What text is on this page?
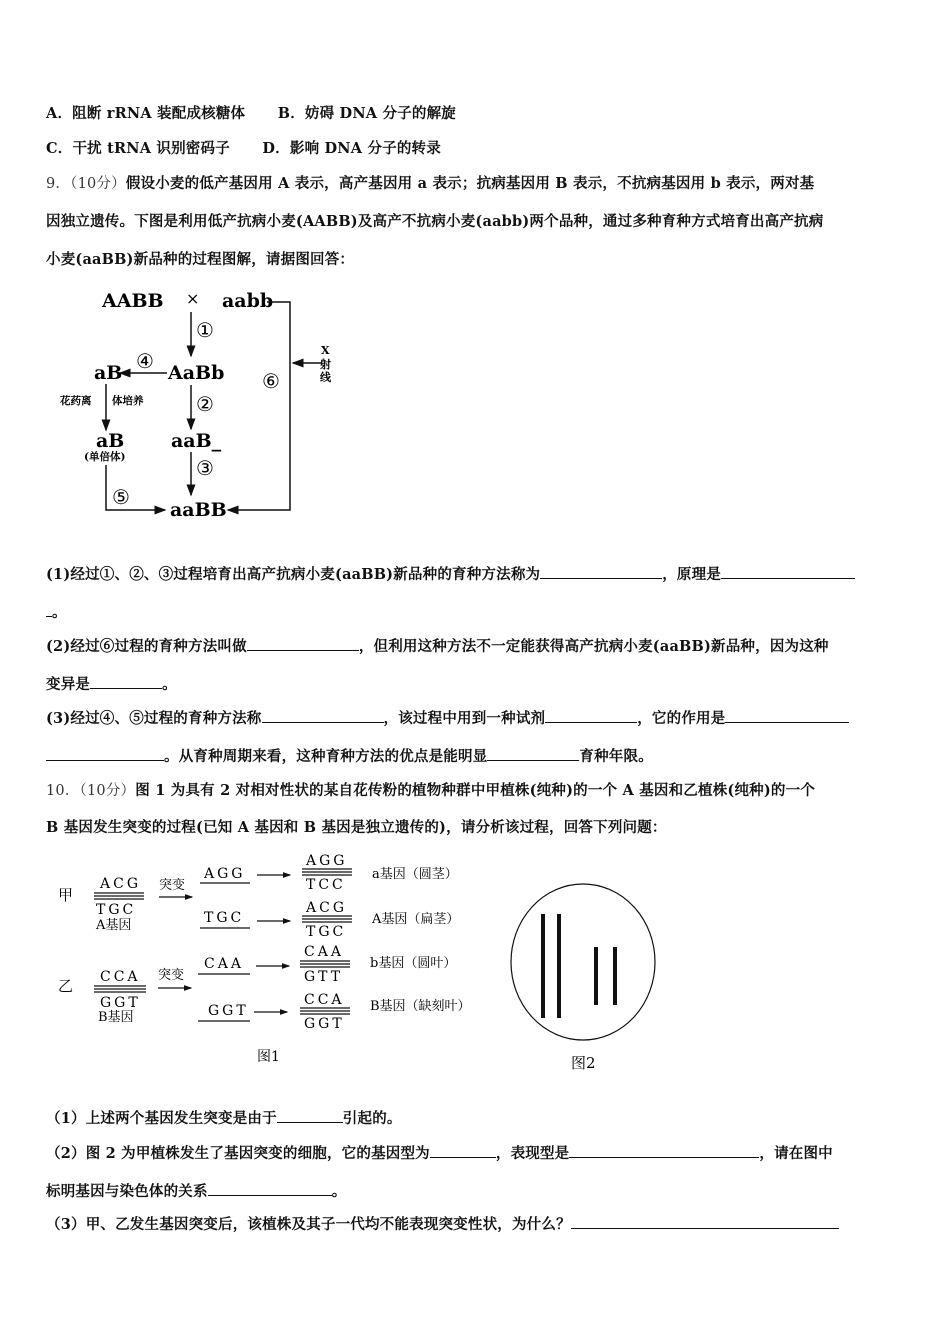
A．阻断 rRNA 装配成核糖体 B．妨碍 DNA 分子的解旋
C．干扰 tRNA 识别密码子 D．影响 DNA 分子的转录
9．（10分）假设小麦的低产基因用 A 表示，高产基因用 a 表示；抗病基因用 B 表示，不抗病基因用 b 表示，两对基
因独立遗传。下图是利用低产抗病小麦(AABB)及高产不抗病小麦(aabb)两个品种，通过多种育种方式培育出高产抗病
小麦(aaBB)新品种的过程图解，请据图回答：
AABB × aabb
X
射
线
⑥
①
AaBb
④
aB
花药离 体培养
aB
(单倍体)
②
aaB_
③
⑤
aaBB
(1)经过①、②、③过程培育出高产抗病小麦(aaBB)新品种的育种方法称为	，原理是
。
(2)经过⑥过程的育种方法叫做	，但利用这种方法不一定能获得高产抗病小麦(aaBB)新品种，因为这种
变异是	。
(3)经过④、⑤过程的育种方法称	，该过程中用到一种试剂	，它的作用是
。从育种周期来看，这种育种方法的优点是能明显	育种年限。
10．（10分）图 1 为具有 2 对相对性状的某自花传粉的植物种群中甲植株(纯种)的一个 A 基因和乙植株(纯种)的一个
B 基因发生突变的过程(已知 A 基因和 B 基因是独立遗传的)，请分析该过程，回答下列问题：
甲
ACG
TGC
A基因
突变
AGG
TGC
AGG
TCC
a基因（圆茎）
ACG
TGC
A基因（扁茎）
乙 CCA
GGT
B基因
突变
CAA
GGT
CAA
GTT
b基因（圆叶）
CCA
GGT
B基因（缺刻叶）
图1	图2
（1）上述两个基因发生突变是由于	引起的。
（2）图 2 为甲植株发生了基因突变的细胞，它的基因型为	，表现型是	，请在图中
标明基因与染色体的关系	。
（3）甲、乙发生基因突变后，该植株及其子一代均不能表现突变性状，为什么？
